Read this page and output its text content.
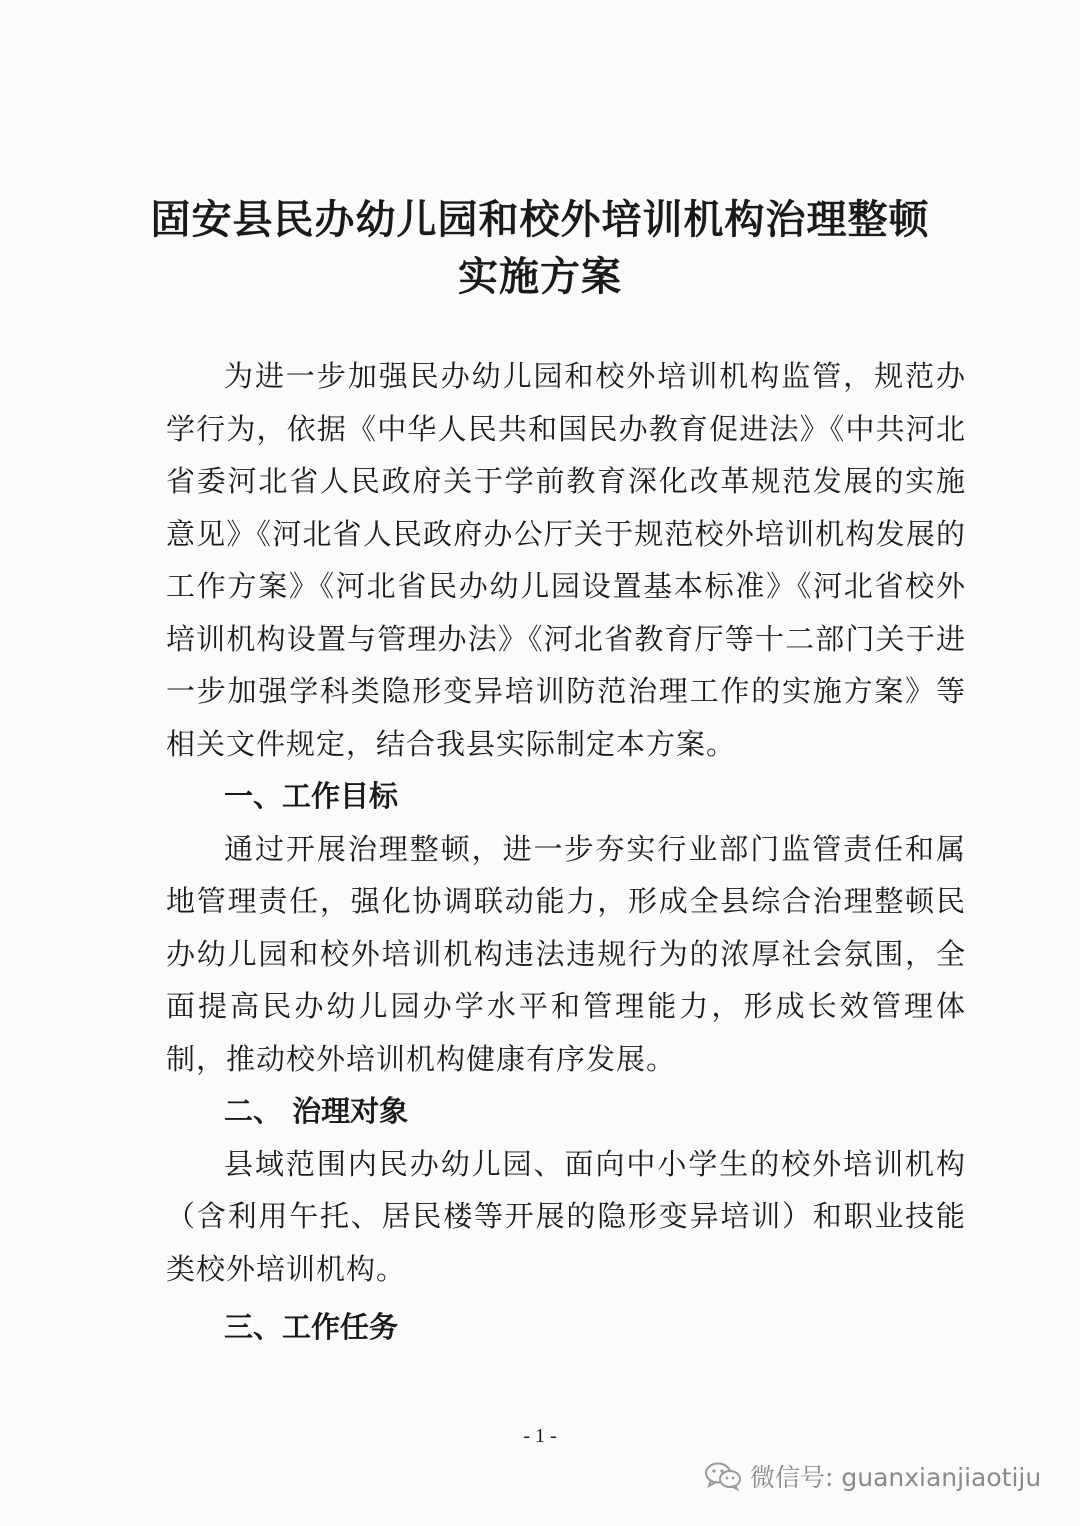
固安县民办幼儿园和校外培训机构治理整顿
实施方案

为进一步加强民办幼儿园和校外培训机构监管，规范办学行为，依据《中华人民共和国民办教育促进法》《中共河北省委河北省人民政府关于学前教育深化改革规范发展的实施意见》《河北省人民政府办公厅关于规范校外培训机构发展的工作方案》《河北省民办幼儿园设置基本标准》《河北省校外培训机构设置与管理办法》《河北省教育厅等十二部门关于进一步加强学科类隐形变异培训防范治理工作的实施方案》等相关文件规定，结合我县实际制定本方案。

一、工作目标

通过开展治理整顿，进一步夯实行业部门监管责任和属地管理责任，强化协调联动能力，形成全县综合治理整顿民办幼儿园和校外培训机构违法违规行为的浓厚社会氛围，全面提高民办幼儿园办学水平和管理能力，形成长效管理体制，推动校外培训机构健康有序发展。

二、 治理对象

县域范围内民办幼儿园、面向中小学生的校外培训机构（含利用午托、居民楼等开展的隐形变异培训）和职业技能类校外培训机构。

三、工作任务

- 1 -
微信号: guanxianjiaotiju
